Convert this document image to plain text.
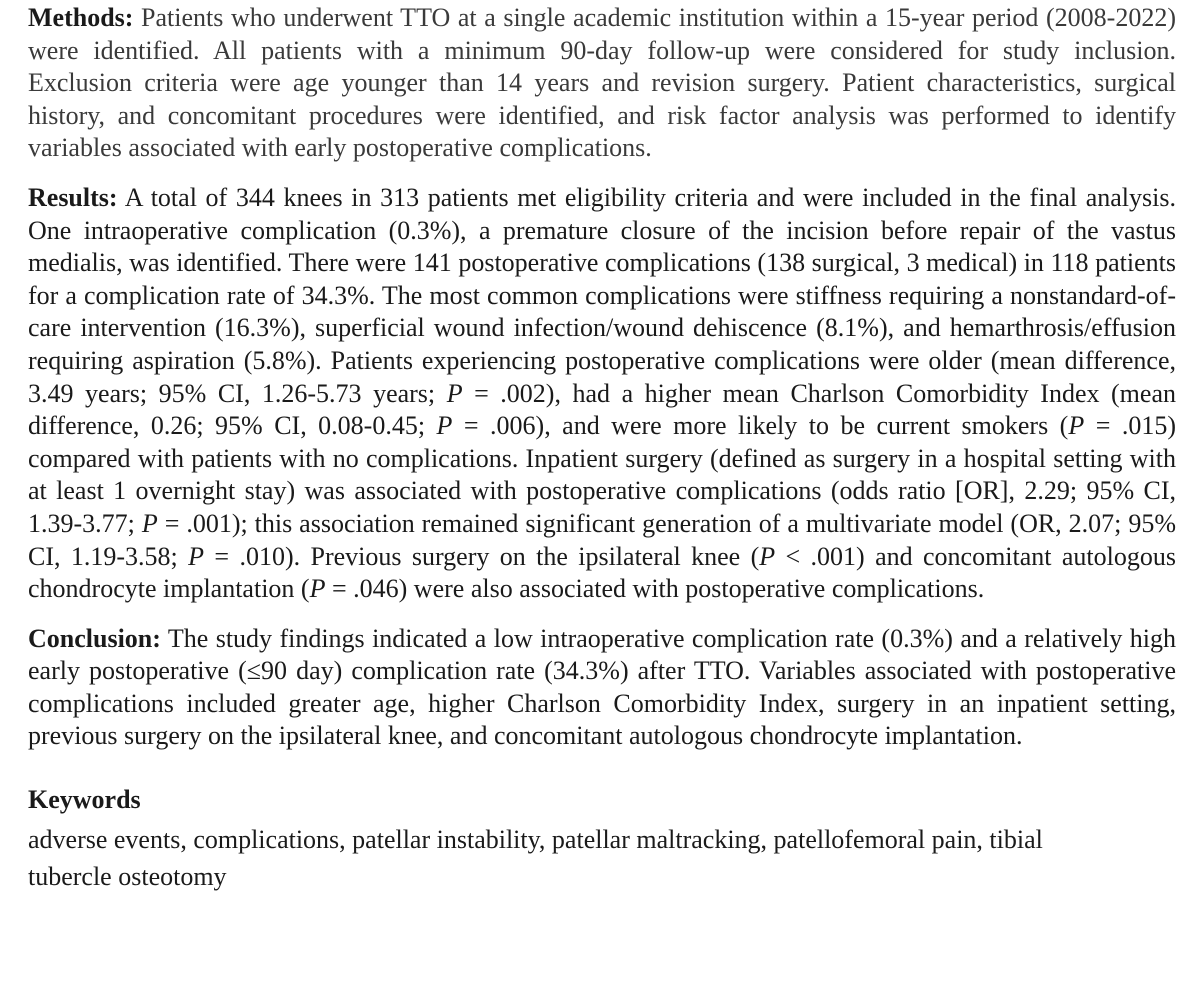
Methods: Patients who underwent TTO at a single academic institution within a 15-year period (2008-2022) were identified. All patients with a minimum 90-day follow-up were considered for study inclusion. Exclusion criteria were age younger than 14 years and revision surgery. Patient characteristics, surgical history, and concomitant procedures were identified, and risk factor analysis was performed to identify variables associated with early postoperative complications.

Results: A total of 344 knees in 313 patients met eligibility criteria and were included in the final analysis. One intraoperative complication (0.3%), a premature closure of the incision before repair of the vastus medialis, was identified. There were 141 postoperative complications (138 surgical, 3 medical) in 118 patients for a complication rate of 34.3%. The most common complications were stiffness requiring a nonstandard-of-care intervention (16.3%), superficial wound infection/wound dehiscence (8.1%), and hemarthrosis/effusion requiring aspiration (5.8%). Patients experiencing postoperative complications were older (mean difference, 3.49 years; 95% CI, 1.26-5.73 years; P = .002), had a higher mean Charlson Comorbidity Index (mean difference, 0.26; 95% CI, 0.08-0.45; P = .006), and were more likely to be current smokers (P = .015) compared with patients with no complications. Inpatient surgery (defined as surgery in a hospital setting with at least 1 overnight stay) was associated with postoperative complications (odds ratio [OR], 2.29; 95% CI, 1.39-3.77; P = .001); this association remained significant generation of a multivariate model (OR, 2.07; 95% CI, 1.19-3.58; P = .010). Previous surgery on the ipsilateral knee (P < .001) and concomitant autologous chondrocyte implantation (P = .046) were also associated with postoperative complications.

Conclusion: The study findings indicated a low intraoperative complication rate (0.3%) and a relatively high early postoperative (≤90 day) complication rate (34.3%) after TTO. Variables associated with postoperative complications included greater age, higher Charlson Comorbidity Index, surgery in an inpatient setting, previous surgery on the ipsilateral knee, and concomitant autologous chondrocyte implantation.

Keywords

adverse events, complications, patellar instability, patellar maltracking, patellofemoral pain, tibial tubercle osteotomy
